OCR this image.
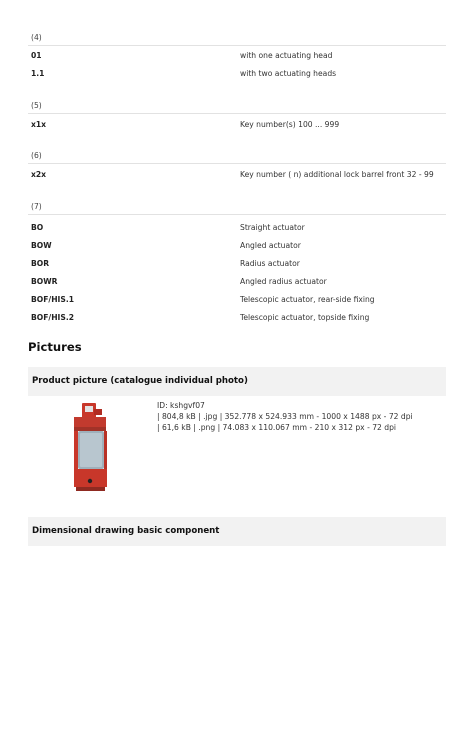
(4)
01	with one actuating head
1.1	with two actuating heads
(5)
x1x	Key number(s) 100 ... 999
(6)
x2x	Key number ( n) additional lock barrel front 32 - 99
(7)
BO	Straight actuator
BOW	Angled actuator
BOR	Radius actuator
BOWR	Angled radius actuator
BOF/HIS.1	Telescopic actuator, rear-side fixing
BOF/HIS.2	Telescopic actuator, topside fixing
Pictures
Product picture (catalogue individual photo)
ID: kshgvf07
| 804,8 kB | .jpg | 352.778 x 524.933 mm - 1000 x 1488 px - 72 dpi
| 61,6 kB | .png | 74.083 x 110.067 mm - 210 x 312 px - 72 dpi
Dimensional drawing basic component
